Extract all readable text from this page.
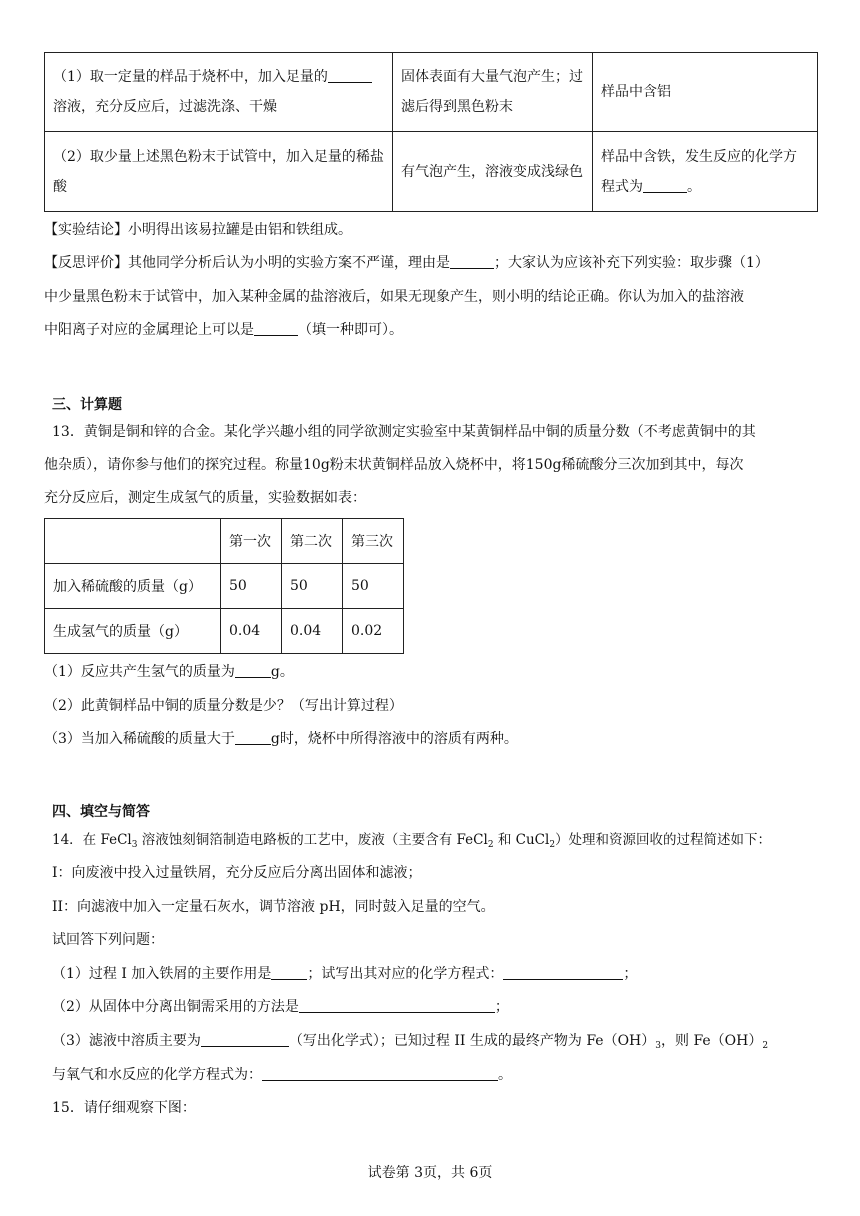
（1）取一定量的样品于烧杯中，加入足量的
溶液，充分反应后，过滤洗涤、干燥	固体表面有大量气泡产生；过滤后得到黑色粉末	样品中含铝
（2）取少量上述黑色粉末于试管中，加入足量的稀盐酸	有气泡产生，溶液变成浅绿色	样品中含铁，发生反应的化学方程式为 。
【实验结论】小明得出该易拉罐是由铝和铁组成。
【反思评价】其他同学分析后认为小明的实验方案不严谨，理由是	；大家认为应该补充下列实验：取步骤（1）
中少量黑色粉末于试管中，加入某种金属的盐溶液后，如果无现象产生，则小明的结论正确。你认为加入的盐溶液
中阳离子对应的金属理论上可以是	（填一种即可）。
三、计算题
13．黄铜是铜和锌的合金。某化学兴趣小组的同学欲测定实验室中某黄铜样品中铜的质量分数（不考虑黄铜中的其
他杂质），请你参与他们的探究过程。称量10g粉末状黄铜样品放入烧杯中，将150g稀硫酸分三次加到其中，每次
充分反应后，测定生成氢气的质量，实验数据如表：
	第一次	第二次	第三次
加入稀硫酸的质量（g）	50	50	50
生成氢气的质量（g）	0.04	0.04	0.02
（1）反应共产生氢气的质量为	g。
（2）此黄铜样品中铜的质量分数是少？（写出计算过程）
（3）当加入稀硫酸的质量大于	g时，烧杯中所得溶液中的溶质有两种。
四、填空与简答
14．在 FeCl$_3$ 溶液蚀刻铜箔制造电路板的工艺中，废液（主要含有 FeCl$_2$ 和 CuCl$_2$）处理和资源回收的过程简述如下：
I：向废液中投入过量铁屑，充分反应后分离出固体和滤液；
II：向滤液中加入一定量石灰水，调节溶液 pH，同时鼓入足量的空气。
试回答下列问题：
（1）过程 I 加入铁屑的主要作用是	；试写出其对应的化学方程式：	；
（2）从固体中分离出铜需采用的方法是	；
（3）滤液中溶质主要为	（写出化学式）；已知过程 II 生成的最终产物为 $Fe(OH)_3$，则 $Fe(OH)_2$
与氧气和水反应的化学方程式为：	。
15．请仔细观察下图：
试卷第 3页，共 6页
